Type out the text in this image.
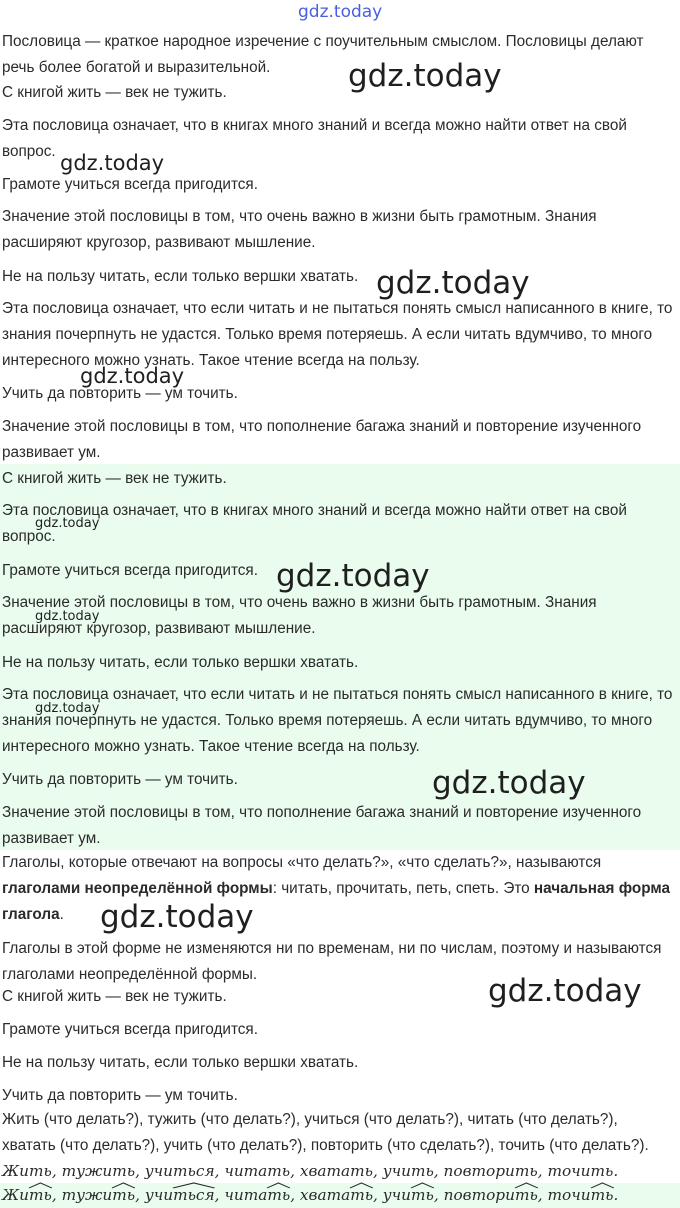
gdz.today

Пословица — краткое народное изречение с поучительным смыслом. Пословицы делают речь более богатой и выразительной.

С книгой жить — век не тужить.

Эта пословица означает, что в книгах много знаний и всегда можно найти ответ на свой вопрос.

Грамоте учиться всегда пригодится.

Значение этой пословицы в том, что очень важно в жизни быть грамотным. Знания расширяют кругозор, развивают мышление.

Не на пользу читать, если только вершки хватать.

Эта пословица означает, что если читать и не пытаться понять смысл написанного в книге, то знания почерпнуть не удастся. Только время потеряешь. А если читать вдумчиво, то много интересного можно узнать. Такое чтение всегда на пользу.

Учить да повторить — ум точить.

Значение этой пословицы в том, что пополнение багажа знаний и повторение изученного развивает ум.

С книгой жить — век не тужить.

Эта пословица означает, что в книгах много знаний и всегда можно найти ответ на свой вопрос.

Грамоте учиться всегда пригодится.

Значение этой пословицы в том, что очень важно в жизни быть грамотным. Знания расширяют кругозор, развивают мышление.

Не на пользу читать, если только вершки хватать.

Эта пословица означает, что если читать и не пытаться понять смысл написанного в книге, то знания почерпнуть не удастся. Только время потеряешь. А если читать вдумчиво, то много интересного можно узнать. Такое чтение всегда на пользу.

Учить да повторить — ум точить.

Значение этой пословицы в том, что пополнение багажа знаний и повторение изученного развивает ум.

Глаголы, которые отвечают на вопросы «что делать?», «что сделать?», называются глаголами неопределённой формы: читать, прочитать, петь, спеть. Это начальная форма глагола.

Глаголы в этой форме не изменяются ни по временам, ни по числам, поэтому и называются глаголами неопределённой формы.

С книгой жить — век не тужить.

Грамоте учиться всегда пригодится.

Не на пользу читать, если только вершки хватать.

Учить да повторить — ум точить.

Жить (что делать?), тужить (что делать?), учиться (что делать?), читать (что делать?), хватать (что делать?), учить (что делать?), повторить (что сделать?), точить (что делать?).

Жить, тужить, учиться, читать, хватать, учить, повторить, точить.

Жить
, тужить
, учиться
, читать
, хватать
, учить
, повторить
, точить
.

gdz.today
gdz.today
gdz.today
gdz.today
gdz.today
gdz.today
gdz.today
gdz.today
gdz.today
gdz.today
gdz.today
